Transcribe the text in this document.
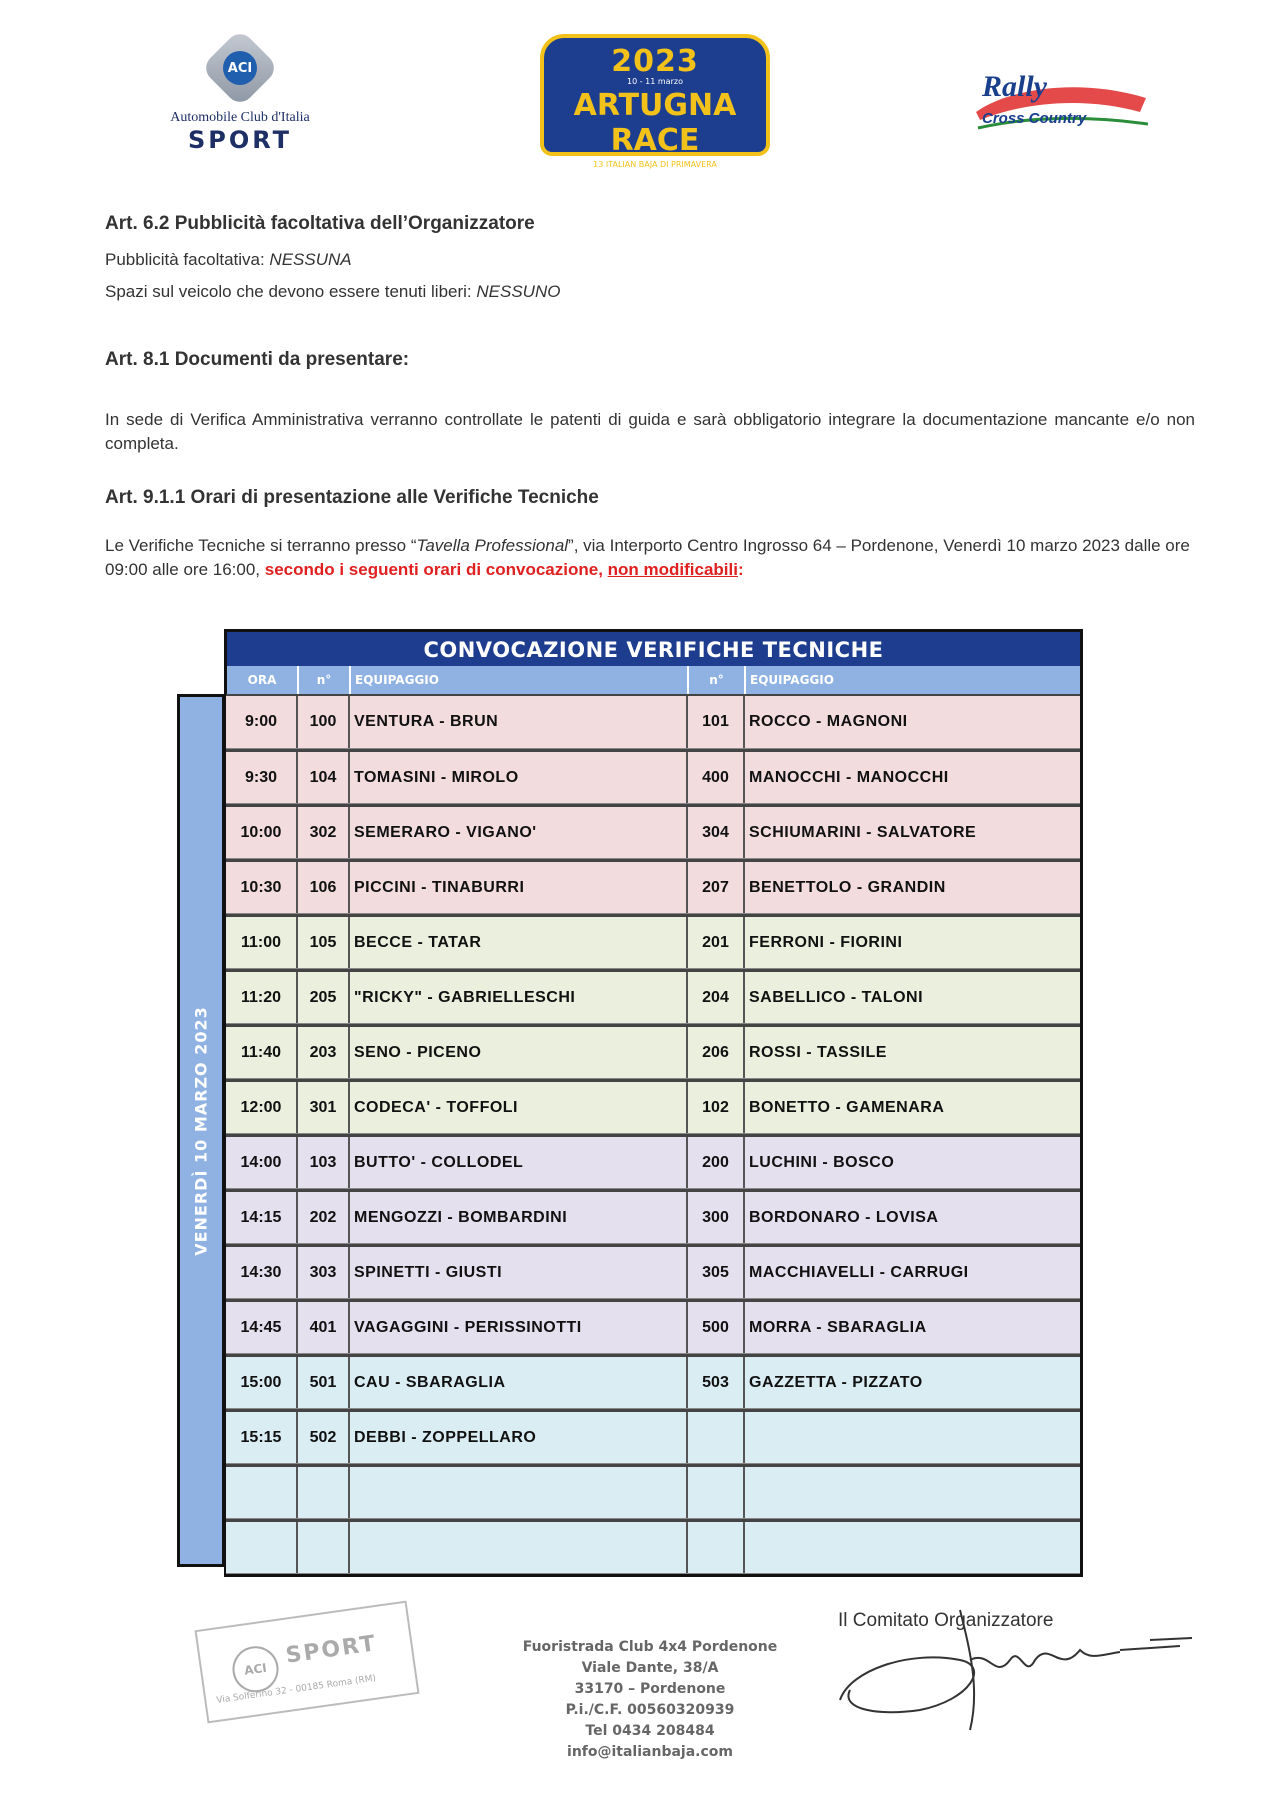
ACI
Automobile Club d'Italia
SPORT
2023
10 - 11 marzo
ARTUGNA RACE
13 ITALIAN BAJA DI PRIMAVERA
Rally
Cross Country
Art. 6.2 Pubblicità facoltativa dell’Organizzatore
Pubblicità facoltativa: NESSUNA
Spazi sul veicolo che devono essere tenuti liberi: NESSUNO
Art. 8.1 Documenti da presentare:
In sede di Verifica Amministrativa verranno controllate le patenti di guida e sarà obbligatorio integrare la documentazione mancante e/o non completa.
Art. 9.1.1 Orari di presentazione alle Verifiche Tecniche
Le Verifiche Tecniche si terranno presso “Tavella Professional”, via Interporto Centro Ingrosso 64 – Pordenone, Venerdì 10 marzo 2023 dalle ore 09:00 alle ore 16:00, secondo i seguenti orari di convocazione, non modificabili:
CONVOCAZIONE VERIFICHE TECNICHE
ORA	n°	EQUIPAGGIO	n°	EQUIPAGGIO
VENERDÌ 10 MARZO 2023
9:00	100	VENTURA - BRUN	101	ROCCO - MAGNONI
9:30	104	TOMASINI - MIROLO	400	MANOCCHI - MANOCCHI
10:00	302	SEMERARO - VIGANO'	304	SCHIUMARINI - SALVATORE
10:30	106	PICCINI - TINABURRI	207	BENETTOLO - GRANDIN
11:00	105	BECCE - TATAR	201	FERRONI - FIORINI
11:20	205	"RICKY" - GABRIELLESCHI	204	SABELLICO - TALONI
11:40	203	SENO - PICENO	206	ROSSI - TASSILE
12:00	301	CODECA' - TOFFOLI	102	BONETTO - GAMENARA
14:00	103	BUTTO' - COLLODEL	200	LUCHINI - BOSCO
14:15	202	MENGOZZI - BOMBARDINI	300	BORDONARO - LOVISA
14:30	303	SPINETTI - GIUSTI	305	MACCHIAVELLI - CARRUGI
14:45	401	VAGAGGINI - PERISSINOTTI	500	MORRA - SBARAGLIA
15:00	501	CAU - SBARAGLIA	503	GAZZETTA - PIZZATO
15:15	502	DEBBI - ZOPPELLARO
ACI
SPORT
Via Solferino 32 - 00185 Roma (RM)
Fuoristrada Club 4x4 Pordenone
Viale Dante, 38/A
33170 – Pordenone
P.i./C.F. 00560320939
Tel 0434 208484
info@italianbaja.com
Il Comitato Organizzatore
